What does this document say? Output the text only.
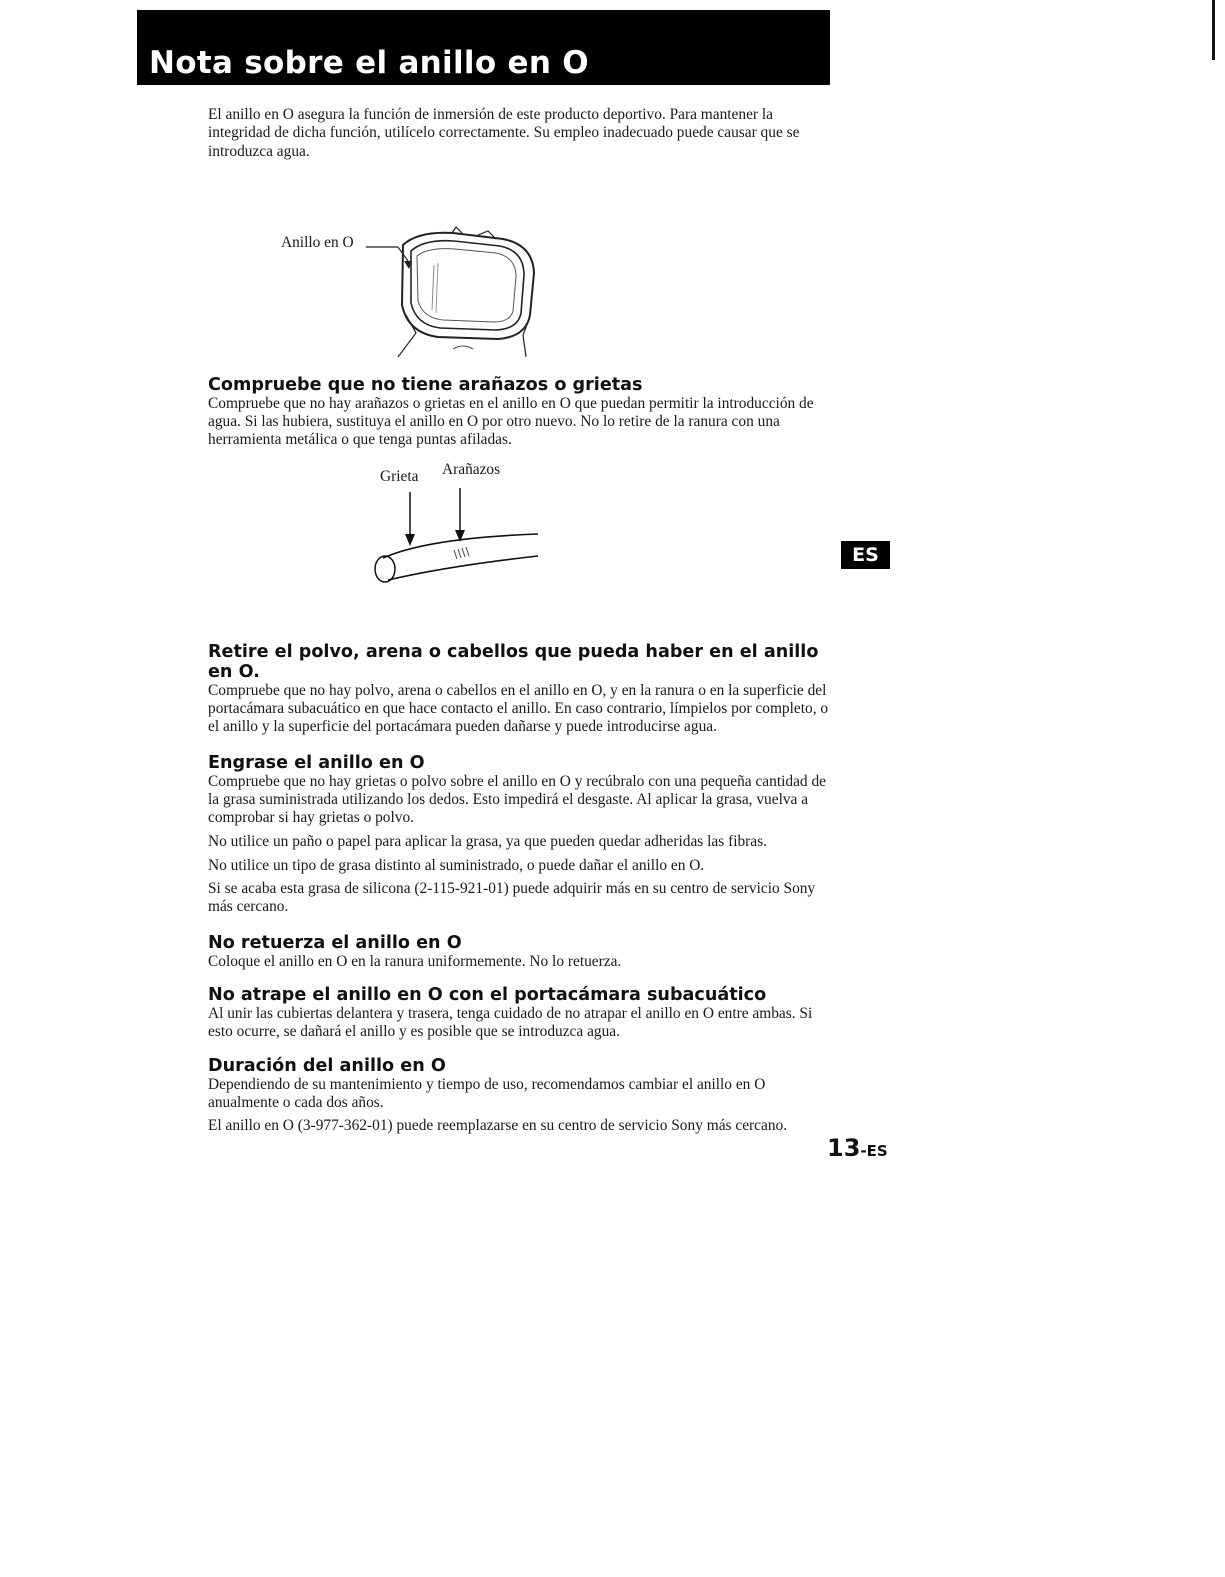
Nota sobre el anillo en O

El anillo en O asegura la función de inmersión de este producto deportivo. Para mantener la integridad de dicha función, utilícelo correctamente. Su empleo inadecuado puede causar que se introduzca agua.

Anillo en O
Compruebe que no tiene arañazos o grietas

Compruebe que no hay arañazos o grietas en el anillo en O que puedan permitir la introducción de agua. Si las hubiera, sustituya el anillo en O por otro nuevo. No lo retire de la ranura con una herramienta metálica o que tenga puntas afiladas.

Grieta Arañazos
Retire el polvo, arena o cabellos que pueda haber en el anillo en O.

Compruebe que no hay polvo, arena o cabellos en el anillo en O, y en la ranura o en la superficie del portacámara subacuático en que hace contacto el anillo. En caso contrario, límpielos por completo, o el anillo y la superficie del portacámara pueden dañarse y puede introducirse agua.

Engrase el anillo en O

Compruebe que no hay grietas o polvo sobre el anillo en O y recúbralo con una pequeña cantidad de la grasa suministrada utilizando los dedos. Esto impedirá el desgaste. Al aplicar la grasa, vuelva a comprobar si hay grietas o polvo.

No utilice un paño o papel para aplicar la grasa, ya que pueden quedar adheridas las fibras.

No utilice un tipo de grasa distinto al suministrado, o puede dañar el anillo en O.

Si se acaba esta grasa de silicona (2-115-921-01) puede adquirir más en su centro de servicio Sony más cercano.

No retuerza el anillo en O

Coloque el anillo en O en la ranura uniformemente. No lo retuerza.

No atrape el anillo en O con el portacámara subacuático

Al unir las cubiertas delantera y trasera, tenga cuidado de no atrapar el anillo en O entre ambas. Si esto ocurre, se dañará el anillo y es posible que se introduzca agua.

Duración del anillo en O

Dependiendo de su mantenimiento y tiempo de uso, recomendamos cambiar el anillo en O anualmente o cada dos años.

El anillo en O (3-977-362-01) puede reemplazarse en su centro de servicio Sony más cercano.

ES
13-ES
